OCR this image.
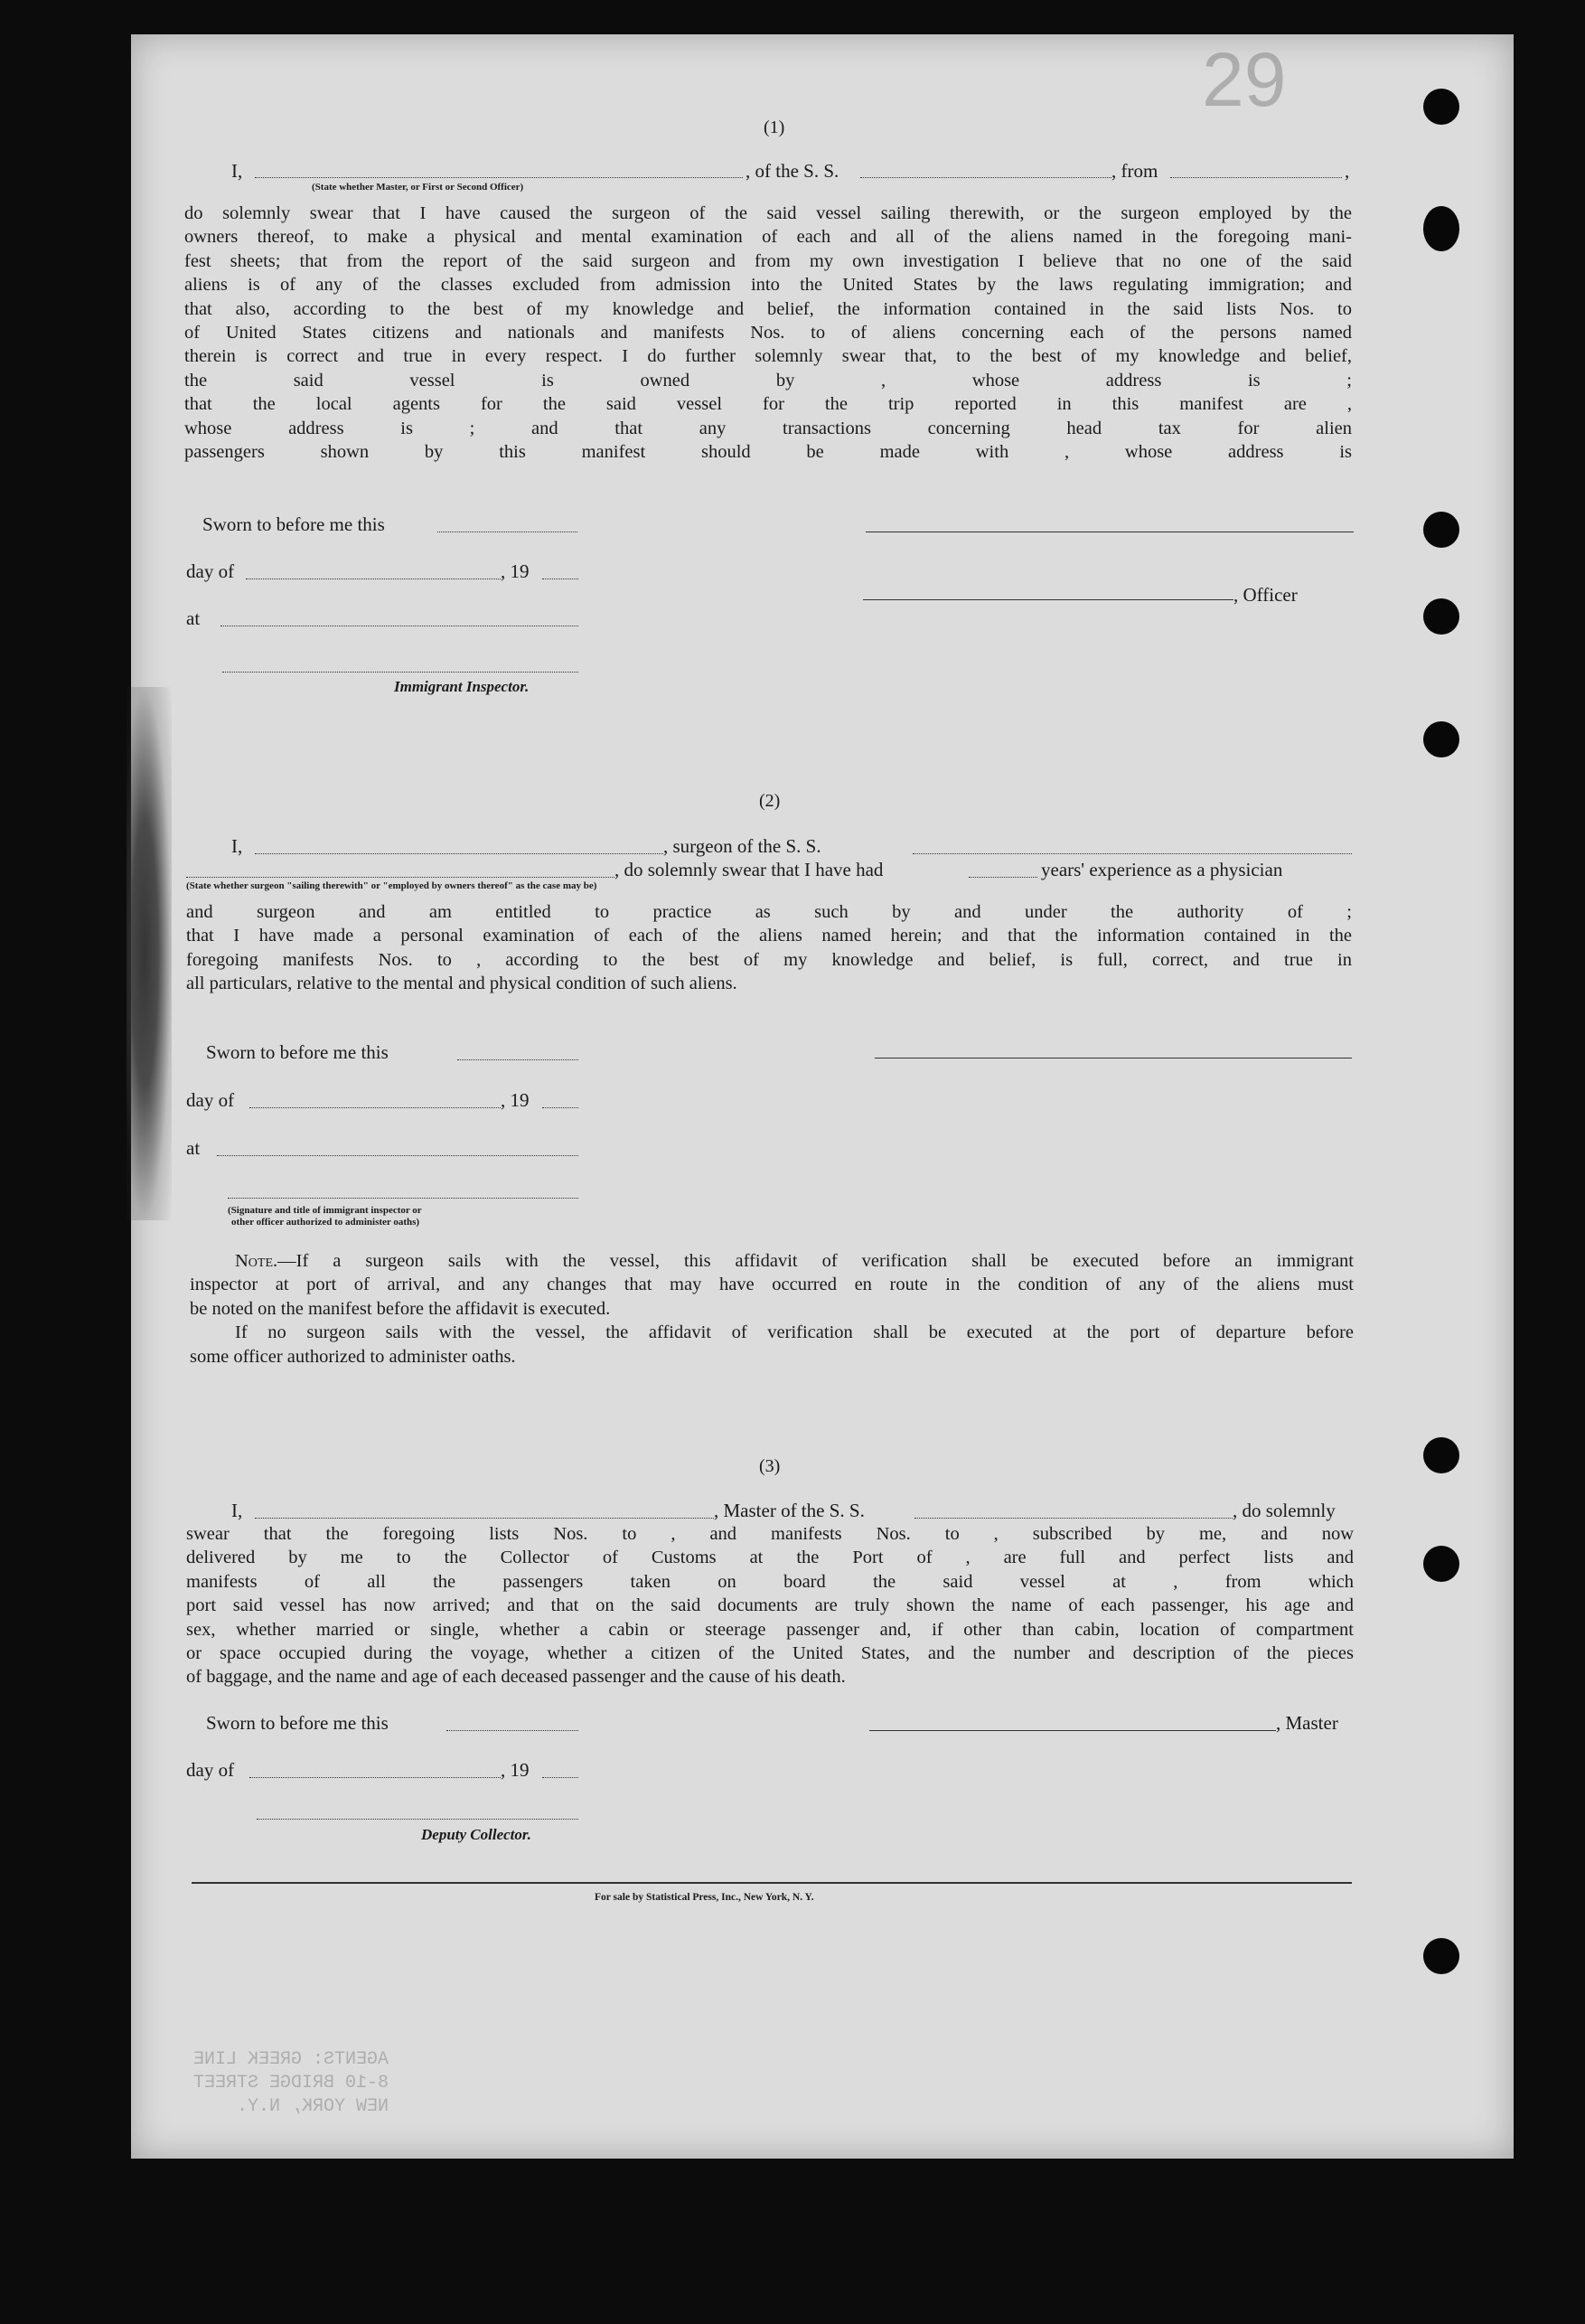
29
(1)
I,	, of the S. S.	, from	,
(State whether Master, or First or Second Officer)
do solemnly swear that I have caused the surgeon of the said vessel sailing therewith, or the surgeon employed by the
owners thereof, to make a physical and mental examination of each and all of the aliens named in the foregoing mani-
fest sheets; that from the report of the said surgeon and from my own investigation I believe that no one of the said
aliens is of any of the classes excluded from admission into the United States by the laws regulating immigration; and
that also, according to the best of my knowledge and belief, the information contained in the said lists Nos. to
of United States citizens and nationals and manifests Nos. to of aliens concerning each of the persons named
therein is correct and true in every respect. I do further solemnly swear that, to the best of my knowledge and belief,
the said vessel is owned by , whose address is ;
that the local agents for the said vessel for the trip reported in this manifest are ,
whose address is ; and that any transactions concerning head tax for alien
passengers shown by this manifest should be made with , whose address is
Sworn to before me this
day of	, 19
, Officer
at
Immigrant Inspector.
(2)
I,	, surgeon of the S. S.
, do solemnly swear that I have had	years' experience as a physician
(State whether surgeon "sailing therewith" or "employed by owners thereof" as the case may be)
and surgeon and am entitled to practice as such by and under the authority of ;
that I have made a personal examination of each of the aliens named herein; and that the information contained in the
foregoing manifests Nos. to , according to the best of my knowledge and belief, is full, correct, and true in
all particulars, relative to the mental and physical condition of such aliens.
Sworn to before me this
day of	, 19
at
(Signature and title of immigrant inspector or
other officer authorized to administer oaths)
Note.—If a surgeon sails with the vessel, this affidavit of verification shall be executed before an immigrant
inspector at port of arrival, and any changes that may have occurred en route in the condition of any of the aliens must
be noted on the manifest before the affidavit is executed.
If no surgeon sails with the vessel, the affidavit of verification shall be executed at the port of departure before
some officer authorized to administer oaths.
(3)
I,	, Master of the S. S.	, do solemnly
swear that the foregoing lists Nos. to , and manifests Nos. to , subscribed by me, and now
delivered by me to the Collector of Customs at the Port of , are full and perfect lists and
manifests of all the passengers taken on board the said vessel at , from which
port said vessel has now arrived; and that on the said documents are truly shown the name of each passenger, his age and
sex, whether married or single, whether a cabin or steerage passenger and, if other than cabin, location of compartment
or space occupied during the voyage, whether a citizen of the United States, and the number and description of the pieces
of baggage, and the name and age of each deceased passenger and the cause of his death.
Sworn to before me this	, Master
day of	, 19
Deputy Collector.
For sale by Statistical Press, Inc., New York, N. Y.

AGENTS: GREEK LINE
8-10 BRIDGE STREET
NEW YORK, N.Y.
